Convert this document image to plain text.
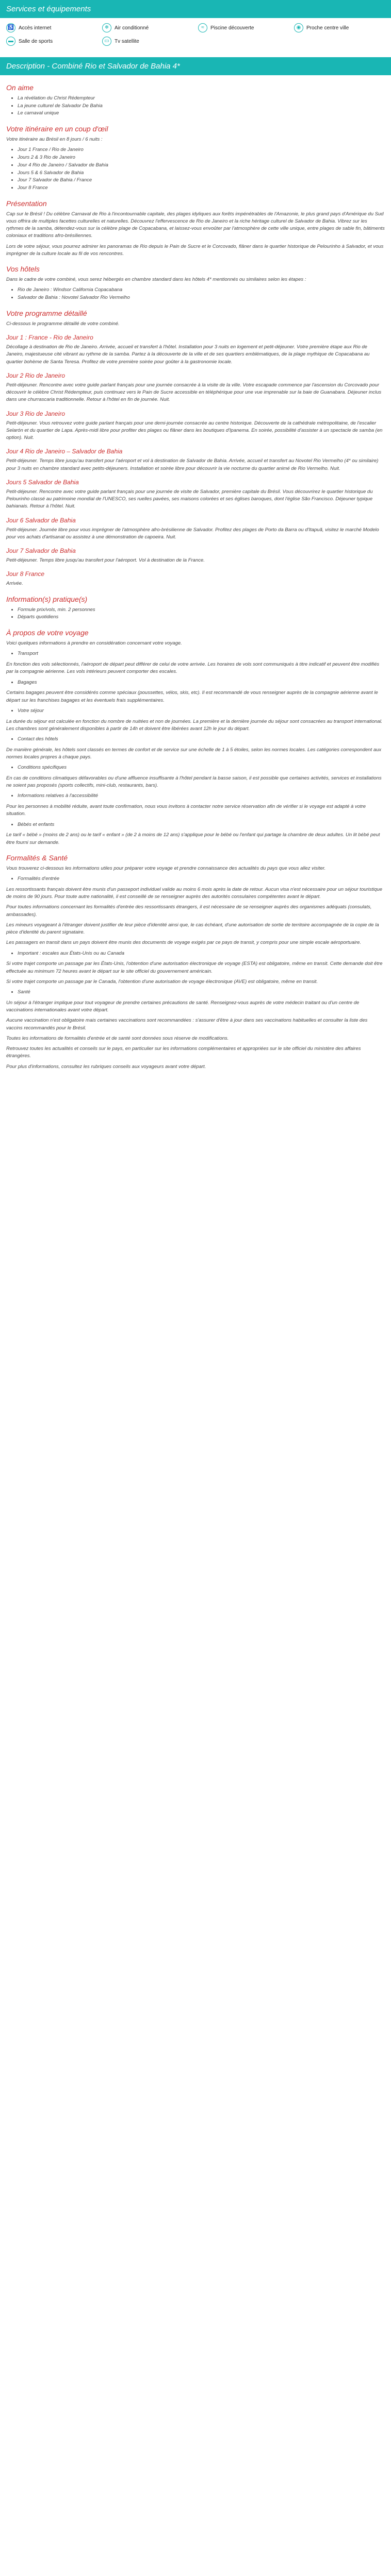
Services et équipements
♿ Accès internet	❄	Air conditionné	≈	Piscine découverte	◉	Proche centre ville
▬	Salle de sports	▭	Tv satellite
Description - Combiné Rio et Salvador de Bahia 4*
On aime
• La révélation du Christ Rédempteur
• La jeune culturel de Salvador De Bahia
• Le carnaval unique
Votre itinéraire en un coup d'œil

Votre itinéraire au Brésil en 8 jours / 6 nuits :

• Jour 1 France / Rio de Janeiro
• Jours 2 & 3 Rio de Janeiro
• Jour 4 Rio de Janeiro / Salvador de Bahia
• Jours 5 & 6 Salvador de Bahia
• Jour 7 Salvador de Bahia / France
• Jour 8 France
Présentation

Cap sur le Brésil ! Du célèbre Carnaval de Rio à l'incontournable capitale, des plages idyliques aux forêts impénétrables de l'Amazonie, le plus grand pays d'Amérique du Sud vous offrira de multiples facettes culturelles et naturelles. Découvrez l'effervescence de Rio de Janeiro et la riche héritage culturel de Salvador de Bahia. Vibrez sur les rythmes de la samba, détendez-vous sur la célèbre plage de Copacabana, et laissez-vous envoûter par l'atmosphère de cette ville unique, entre plages de sable fin, bâtiments coloniaux et traditions afro-brésiliennes.

Lors de votre séjour, vous pourrez admirer les panoramas de Rio depuis le Pain de Sucre et le Corcovado, flâner dans le quartier historique de Pelourinho à Salvador, et vous imprégner de la culture locale au fil de vos rencontres.

Vos hôtels

Dans le cadre de votre combiné, vous serez hébergés en chambre standard dans les hôtels 4* mentionnés ou similaires selon les étapes :

• Rio de Janeiro : Windsor California Copacabana
• Salvador de Bahia : Novotel Salvador Rio Vermelho
Votre programme détaillé

Ci-dessous le programme détaillé de votre combiné.

Jour 1 : France - Rio de Janeiro

Décollage à destination de Rio de Janeiro. Arrivée, accueil et transfert à l'hôtel. Installation pour 3 nuits en logement et petit-déjeuner. Votre première étape aux Rio de Janeiro, majestueuse cité vibrant au rythme de la samba. Partez à la découverte de la ville et de ses quartiers emblématiques, de la plage mythique de Copacabana au quartier bohème de Santa Teresa. Profitez de votre première soirée pour goûter à la gastronomie locale.

Jour 2 Rio de Janeiro

Petit-déjeuner. Rencontre avec votre guide parlant français pour une journée consacrée à la visite de la ville. Votre escapade commence par l'ascension du Corcovado pour découvrir le célèbre Christ Rédempteur, puis continuez vers le Pain de Sucre accessible en téléphérique pour une vue imprenable sur la baie de Guanabara. Déjeuner inclus dans une churrascaria traditionnelle. Retour à l'hôtel en fin de journée. Nuit.

Jour 3 Rio de Janeiro

Petit-déjeuner. Vous retrouvez votre guide parlant français pour une demi-journée consacrée au centre historique. Découverte de la cathédrale métropolitaine, de l'escalier Selarón et du quartier de Lapa. Après-midi libre pour profiter des plages ou flâner dans les boutiques d'Ipanema. En soirée, possibilité d'assister à un spectacle de samba (en option). Nuit.

Jour 4 Rio de Janeiro – Salvador de Bahia

Petit-déjeuner. Temps libre jusqu'au transfert pour l'aéroport et vol à destination de Salvador de Bahia. Arrivée, accueil et transfert au Novotel Rio Vermelho (4* ou similaire) pour 3 nuits en chambre standard avec petits-déjeuners. Installation et soirée libre pour découvrir la vie nocturne du quartier animé de Rio Vermelho. Nuit.

Jours 5 Salvador de Bahia

Petit-déjeuner. Rencontre avec votre guide parlant français pour une journée de visite de Salvador, première capitale du Brésil. Vous découvrirez le quartier historique du Pelourinho classé au patrimoine mondial de l'UNESCO, ses ruelles pavées, ses maisons colorées et ses églises baroques, dont l'église São Francisco. Déjeuner typique bahianais. Retour à l'hôtel. Nuit.

Jour 6 Salvador de Bahia

Petit-déjeuner. Journée libre pour vous imprégner de l'atmosphère afro-brésilienne de Salvador. Profitez des plages de Porto da Barra ou d'Itapuã, visitez le marché Modelo pour vos achats d'artisanat ou assistez à une démonstration de capoeira. Nuit.

Jour 7 Salvador de Bahia

Petit-déjeuner. Temps libre jusqu'au transfert pour l'aéroport. Vol à destination de la France.

Jour 8 France

Arrivée.

Information(s) pratique(s)
• Formule prix/vols, min. 2 personnes
• Départs quotidiens
À propos de votre voyage

Voici quelques informations à prendre en considération concernant votre voyage.

• Transport

En fonction des vols sélectionnés, l'aéroport de départ peut différer de celui de votre arrivée. Les horaires de vols sont communiqués à titre indicatif et peuvent être modifiés par la compagnie aérienne. Les vols intérieurs peuvent comporter des escales.

• Bagages

Certains bagages peuvent être considérés comme spéciaux (poussettes, vélos, skis, etc). Il est recommandé de vous renseigner auprès de la compagnie aérienne avant le départ sur les franchises bagages et les éventuels frais supplémentaires.

• Votre séjour

La durée du séjour est calculée en fonction du nombre de nuitées et non de journées. La première et la dernière journée du séjour sont consacrées au transport international. Les chambres sont généralement disponibles à partir de 14h et doivent être libérées avant 12h le jour du départ.

• Contact des hôtels

De manière générale, les hôtels sont classés en termes de confort et de service sur une échelle de 1 à 5 étoiles, selon les normes locales. Les catégories correspondent aux normes locales propres à chaque pays.

• Conditions spécifiques

En cas de conditions climatiques défavorables ou d'une affluence insuffisante à l'hôtel pendant la basse saison, il est possible que certaines activités, services et installations ne soient pas proposés (sports collectifs, mini-club, restaurants, bars).

• Informations relatives à l'accessibilité

Pour les personnes à mobilité réduite, avant toute confirmation, nous vous invitons à contacter notre service réservation afin de vérifier si le voyage est adapté à votre situation.

• Bébés et enfants

Le tarif « bébé » (moins de 2 ans) ou le tarif « enfant » (de 2 à moins de 12 ans) s'applique pour le bébé ou l'enfant qui partage la chambre de deux adultes. Un lit bébé peut être fourni sur demande.

Formalités & Santé

Vous trouverez ci-dessous les informations utiles pour préparer votre voyage et prendre connaissance des actualités du pays que vous allez visiter.

• Formalités d'entrée

Les ressortissants français doivent être munis d'un passeport individuel valide au moins 6 mois après la date de retour. Aucun visa n'est nécessaire pour un séjour touristique de moins de 90 jours. Pour toute autre nationalité, il est conseillé de se renseigner auprès des autorités consulaires compétentes avant le départ.

Pour toutes informations concernant les formalités d'entrée des ressortissants étrangers, il est nécessaire de se renseigner auprès des organismes adéquats (consulats, ambassades).

Les mineurs voyageant à l'étranger doivent justifier de leur pièce d'identité ainsi que, le cas échéant, d'une autorisation de sortie de territoire accompagnée de la copie de la pièce d'identité du parent signataire.

Les passagers en transit dans un pays doivent être munis des documents de voyage exigés par ce pays de transit, y compris pour une simple escale aéroportuaire.

• Important : escales aux États-Unis ou au Canada

Si votre trajet comporte un passage par les États-Unis, l'obtention d'une autorisation électronique de voyage (ESTA) est obligatoire, même en transit. Cette demande doit être effectuée au minimum 72 heures avant le départ sur le site officiel du gouvernement américain.

Si votre trajet comporte un passage par le Canada, l'obtention d'une autorisation de voyage électronique (AVE) est obligatoire, même en transit.

• Santé

Un séjour à l'étranger implique pour tout voyageur de prendre certaines précautions de santé. Renseignez-vous auprès de votre médecin traitant ou d'un centre de vaccinations internationales avant votre départ.

Aucune vaccination n'est obligatoire mais certaines vaccinations sont recommandées : s'assurer d'être à jour dans ses vaccinations habituelles et consulter la liste des vaccins recommandés pour le Brésil.

Toutes les informations de formalités d'entrée et de santé sont données sous réserve de modifications.

Retrouvez toutes les actualités et conseils sur le pays, en particulier sur les informations complémentaires et appropriées sur le site officiel du ministère des affaires étrangères.

Pour plus d'informations, consultez les rubriques conseils aux voyageurs avant votre départ.
